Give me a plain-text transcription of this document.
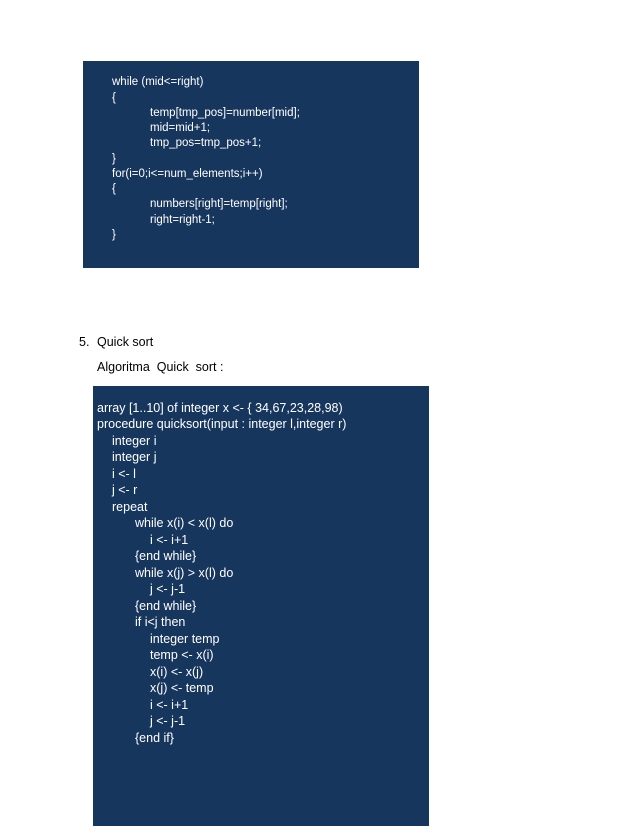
while (mid<=right)
{
temp[tmp_pos]=number[mid];
mid=mid+1;
tmp_pos=tmp_pos+1;
}
for(i=0;i<=num_elements;i++)
{
numbers[right]=temp[right];
right=right-1;
}
5. Quick sort
Algoritma  Quick  sort :
array [1..10] of integer x <- { 34,67,23,28,98)
procedure quicksort(input : integer l,integer r)
integer i
integer j
i <- l
j <- r
repeat
while x(i) < x(l) do
i <- i+1
{end while}
while x(j) > x(l) do
j <- j-1
{end while}
if i<j then
integer temp
temp <- x(i)
x(i) <- x(j)
x(j) <- temp
i <- i+1
j <- j-1
{end if}
